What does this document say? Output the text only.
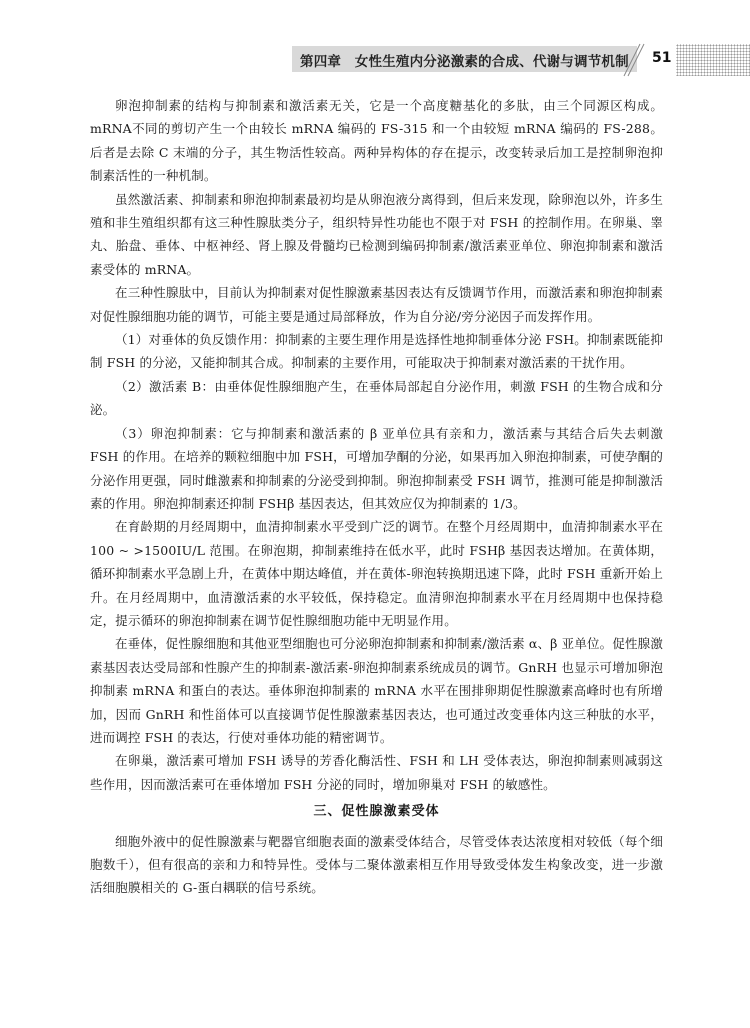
第四章　女性生殖内分泌激素的合成、代谢与调节机制 51

卵泡抑制素的结构与抑制素和激活素无关，它是一个高度糖基化的多肽，由三个同源区构成。mRNA不同的剪切产生一个由较长 mRNA 编码的 FS-315 和一个由较短 mRNA 编码的 FS-288。后者是去除 C 末端的分子，其生物活性较高。两种异构体的存在提示，改变转录后加工是控制卵泡抑制素活性的一种机制。

虽然激活素、抑制素和卵泡抑制素最初均是从卵泡液分离得到，但后来发现，除卵泡以外，许多生殖和非生殖组织都有这三种性腺肽类分子，组织特异性功能也不限于对 FSH 的控制作用。在卵巢、睾丸、胎盘、垂体、中枢神经、肾上腺及骨髓均已检测到编码抑制素/激活素亚单位、卵泡抑制素和激活素受体的 mRNA。

在三种性腺肽中，目前认为抑制素对促性腺激素基因表达有反馈调节作用，而激活素和卵泡抑制素对促性腺细胞功能的调节，可能主要是通过局部释放，作为自分泌/旁分泌因子而发挥作用。

（1）对垂体的负反馈作用：抑制素的主要生理作用是选择性地抑制垂体分泌 FSH。抑制素既能抑制 FSH 的分泌，又能抑制其合成。抑制素的主要作用，可能取决于抑制素对激活素的干扰作用。

（2）激活素 B：由垂体促性腺细胞产生，在垂体局部起自分泌作用，刺激 FSH 的生物合成和分泌。

（3）卵泡抑制素：它与抑制素和激活素的 β 亚单位具有亲和力，激活素与其结合后失去刺激 FSH 的作用。在培养的颗粒细胞中加 FSH，可增加孕酮的分泌，如果再加入卵泡抑制素，可使孕酮的分泌作用更强，同时雌激素和抑制素的分泌受到抑制。卵泡抑制素受 FSH 调节，推测可能是抑制激活素的作用。卵泡抑制素还抑制 FSHβ 基因表达，但其效应仅为抑制素的 1/3。

在育龄期的月经周期中，血清抑制素水平受到广泛的调节。在整个月经周期中，血清抑制素水平在 100 ~ >1500IU/L 范围。在卵泡期，抑制素维持在低水平，此时 FSHβ 基因表达增加。在黄体期，循环抑制素水平急剧上升，在黄体中期达峰值，并在黄体-卵泡转换期迅速下降，此时 FSH 重新开始上升。在月经周期中，血清激活素的水平较低，保持稳定。血清卵泡抑制素水平在月经周期中也保持稳定，提示循环的卵泡抑制素在调节促性腺细胞功能中无明显作用。

在垂体，促性腺细胞和其他亚型细胞也可分泌卵泡抑制素和抑制素/激活素 α、β 亚单位。促性腺激素基因表达受局部和性腺产生的抑制素-激活素-卵泡抑制素系统成员的调节。GnRH 也显示可增加卵泡抑制素 mRNA 和蛋白的表达。垂体卵泡抑制素的 mRNA 水平在围排卵期促性腺激素高峰时也有所增加，因而 GnRH 和性甾体可以直接调节促性腺激素基因表达，也可通过改变垂体内这三种肽的水平，进而调控 FSH 的表达，行使对垂体功能的精密调节。

在卵巢，激活素可增加 FSH 诱导的芳香化酶活性、FSH 和 LH 受体表达，卵泡抑制素则减弱这些作用，因而激活素可在垂体增加 FSH 分泌的同时，增加卵巢对 FSH 的敏感性。

三、促性腺激素受体

细胞外液中的促性腺激素与靶器官细胞表面的激素受体结合，尽管受体表达浓度相对较低（每个细胞数千），但有很高的亲和力和特异性。受体与二聚体激素相互作用导致受体发生构象改变，进一步激活细胞膜相关的 G-蛋白耦联的信号系统。
